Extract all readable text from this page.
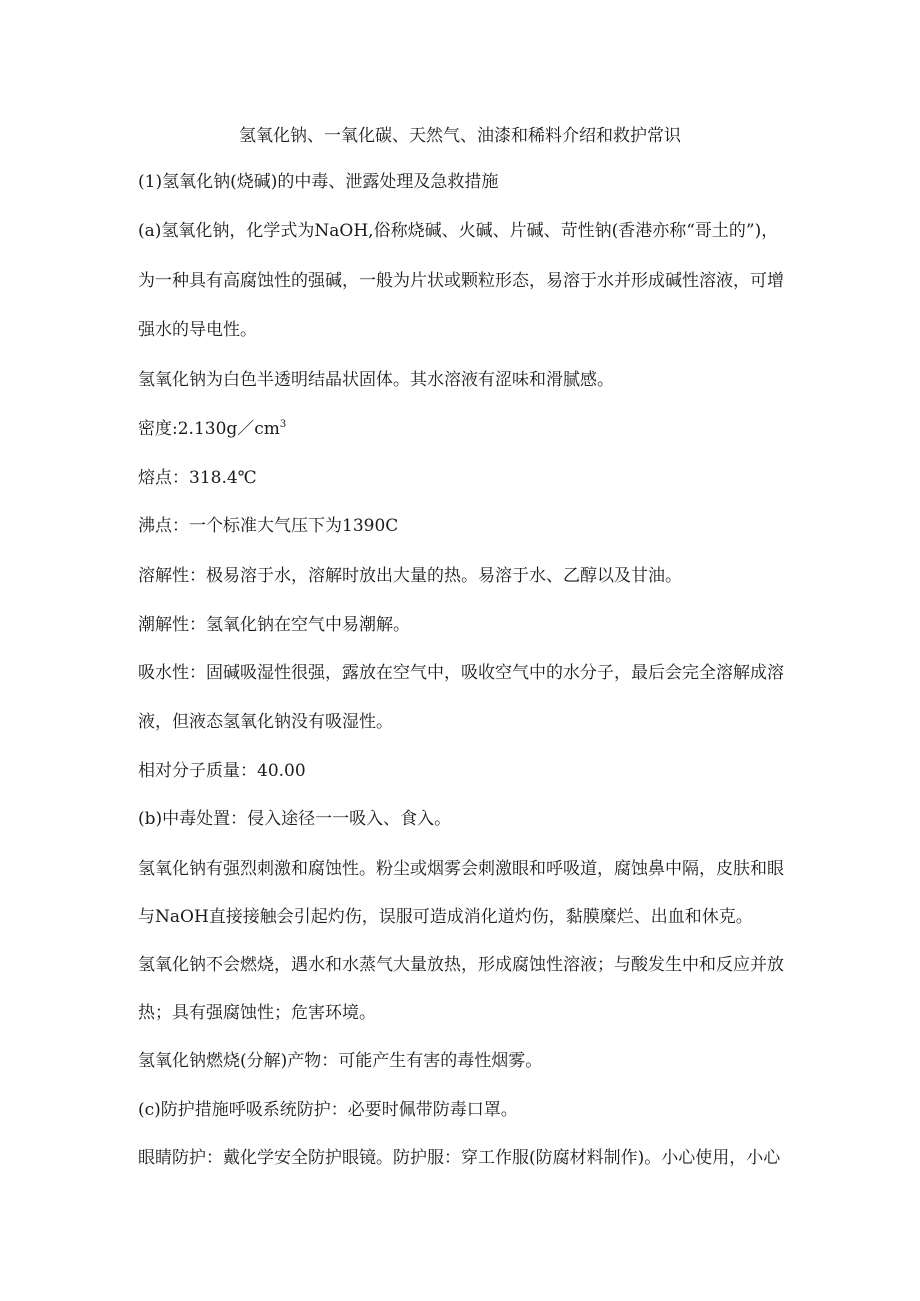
氢氧化钠、一氧化碳、天然气、油漆和稀料介绍和救护常识
(1)氢氧化钠(烧碱)的中毒、泄露处理及急救措施
(a)氢氧化钠，化学式为NaOH,俗称烧碱、火碱、片碱、苛性钠(香港亦称“哥土的”)，
为一种具有高腐蚀性的强碱，一般为片状或颗粒形态，易溶于水并形成碱性溶液，可增
强水的导电性。
氢氧化钠为白色半透明结晶状固体。其水溶液有涩味和滑腻感。
密度$:2.130g/cm^3$
熔点：318.4℃
沸点：一个标准大气压下为1390C
溶解性：极易溶于水，溶解时放出大量的热。易溶于水、乙醇以及甘油。
潮解性：氢氧化钠在空气中易潮解。
吸水性：固碱吸湿性很强，露放在空气中，吸收空气中的水分子，最后会完全溶解成溶
液，但液态氢氧化钠没有吸湿性。
相对分子质量：40.00
(b)中毒处置：侵入途径一一吸入、食入。
氢氧化钠有强烈刺激和腐蚀性。粉尘或烟雾会刺激眼和呼吸道，腐蚀鼻中隔，皮肤和眼
与NaOH直接接触会引起灼伤，误服可造成消化道灼伤，黏膜糜烂、出血和休克。
氢氧化钠不会燃烧，遇水和水蒸气大量放热，形成腐蚀性溶液；与酸发生中和反应并放
热；具有强腐蚀性；危害环境。
氢氧化钠燃烧(分解)产物：可能产生有害的毒性烟雾。
(c)防护措施呼吸系统防护：必要时佩带防毒口罩。
眼睛防护：戴化学安全防护眼镜。防护服：穿工作服(防腐材料制作)。小心使用，小心
